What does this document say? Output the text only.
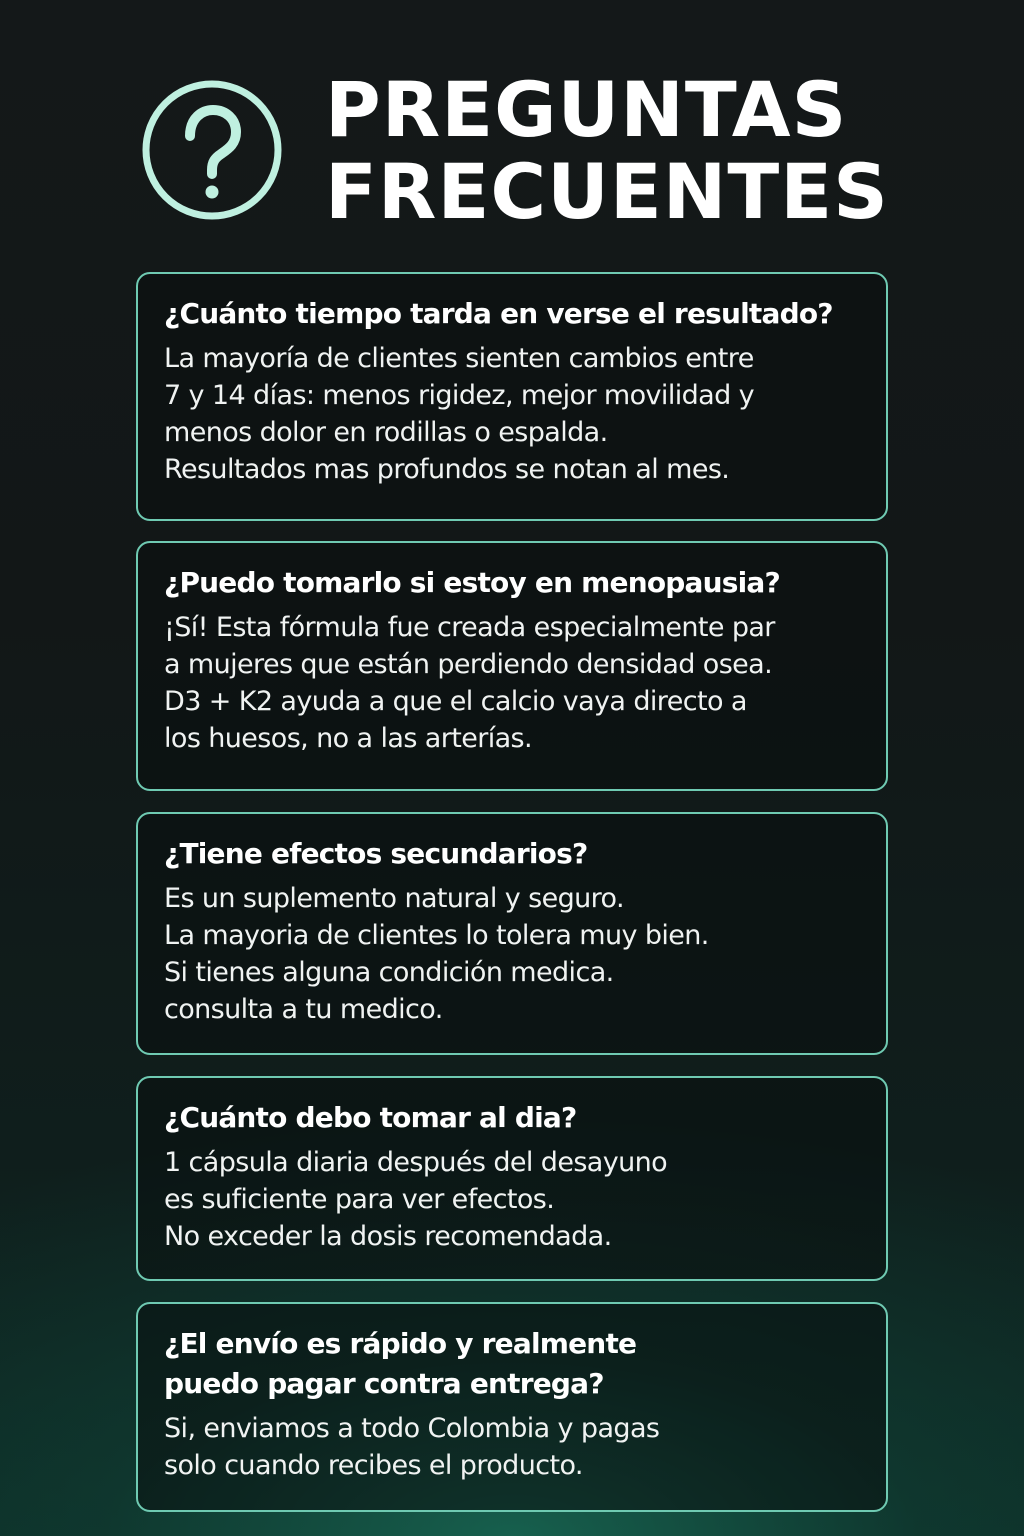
PREGUNTAS
FRECUENTES
¿Cuánto tiempo tarda en verse el resultado?

La mayoría de clientes sienten cambios entre
7 y 14 días: menos rigidez, mejor movilidad y
menos dolor en rodillas o espalda.
Resultados mas profundos se notan al mes.

¿Puedo tomarlo si estoy en menopausia?

¡Sí! Esta fórmula fue creada especialmente par
a mujeres que están perdiendo densidad osea.
D3 + K2 ayuda a que el calcio vaya directo a
los huesos, no a las arterías.

¿Tiene efectos secundarios?

Es un suplemento natural y seguro.
La mayoria de clientes lo tolera muy bien.
Si tienes alguna condición medica.
consulta a tu medico.

¿Cuánto debo tomar al dia?

1 cápsula diaria después del desayuno
es suficiente para ver efectos.
No exceder la dosis recomendada.

¿El envío es rápido y realmente
puedo pagar contra entrega?

Si, enviamos a todo Colombia y pagas
solo cuando recibes el producto.
